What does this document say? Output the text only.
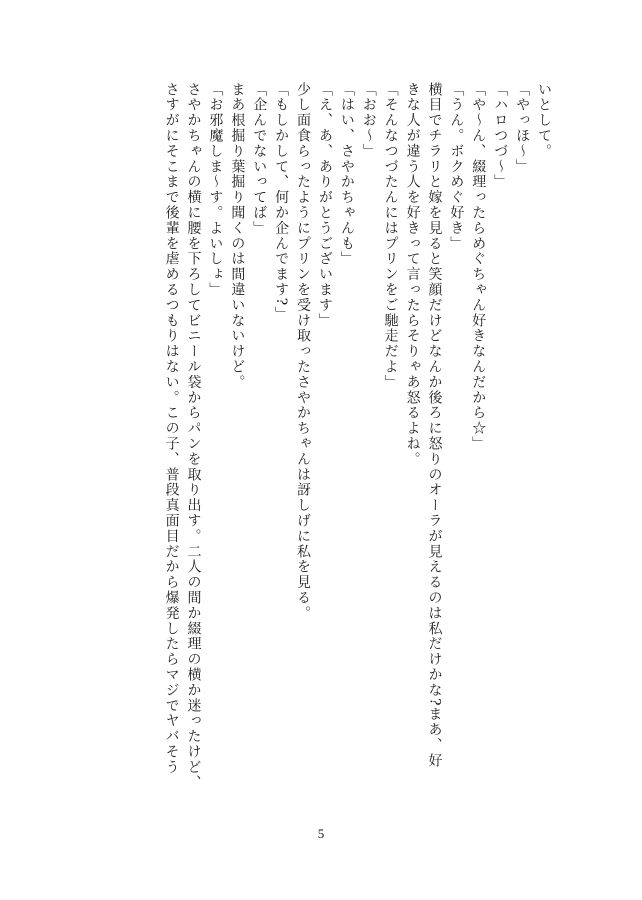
いとして。
「やっほ〜」
「ハロつづ〜」
「や〜ん、綴理ったらめぐちゃん好きなんだから☆」
「うん。ボクめぐ好き」
横目でチラリと嫁を見ると笑顔だけどなんか後ろに怒りのオーラが見えるのは私だけかな?まあ、好
きな人が違う人を好きって言ったらそりゃあ怒るよね。
「そんなつづたんにはプリンをご馳走だよ」
「おお〜」
「はい、さやかちゃんも」
「え、あ、ありがとうございます」
少し面食らったようにプリンを受け取ったさやかちゃんは訝しげに私を見る。
「もしかして、何か企んでます?」
「企んでないってば」
まあ根掘り葉掘り聞くのは間違いないけど。
「お邪魔しま〜す。よいしょ」
さやかちゃんの横に腰を下ろしてビニール袋からパンを取り出す。二人の間か綴理の横か迷ったけど、
さすがにそこまで後輩を虐めるつもりはない。この子、普段真面目だから爆発したらマジでヤバそう
5
